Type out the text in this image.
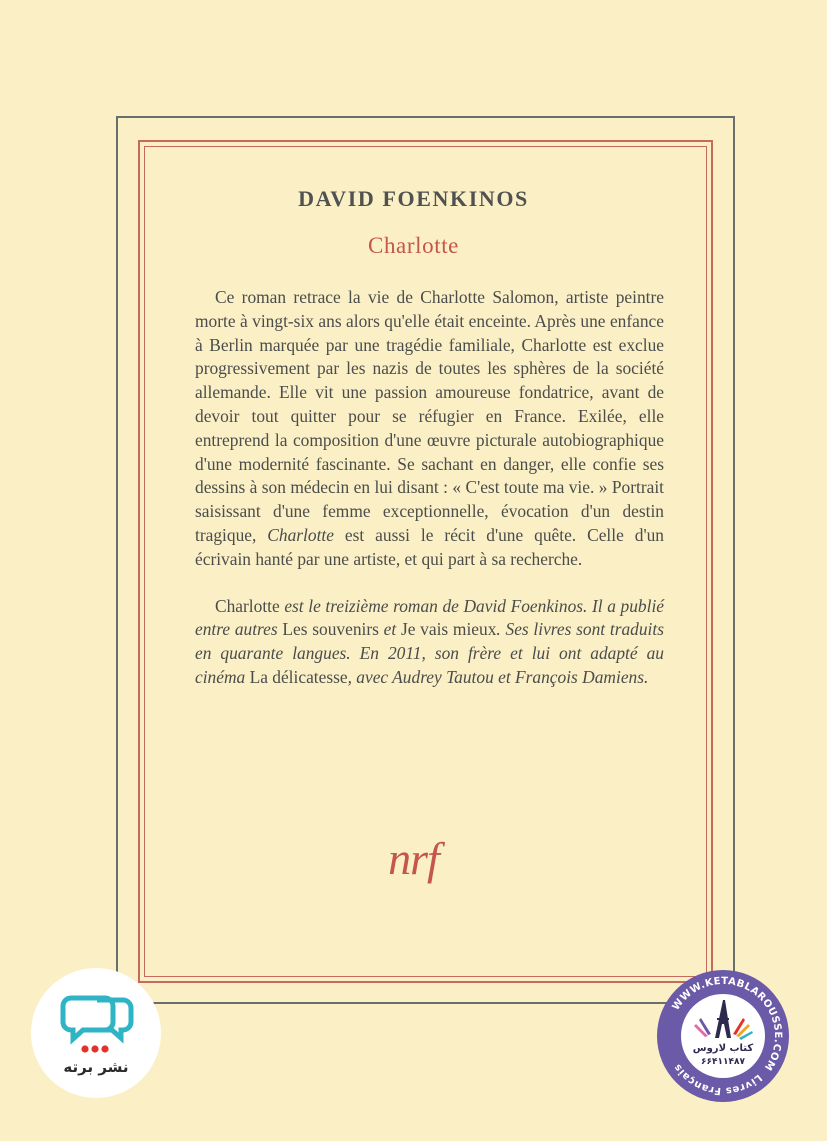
DAVID FOENKINOS
Charlotte

Ce roman retrace la vie de Charlotte Salomon, artiste peintre morte à vingt-six ans alors qu'elle était enceinte. Après une enfance à Berlin marquée par une tragédie familiale, Charlotte est exclue progressivement par les nazis de toutes les sphères de la société allemande. Elle vit une passion amoureuse fondatrice, avant de devoir tout quitter pour se réfugier en France. Exilée, elle entreprend la composition d'une œuvre picturale autobiographique d'une modernité fascinante. Se sachant en danger, elle confie ses dessins à son médecin en lui disant : « C'est toute ma vie. » Portrait saisissant d'une femme exceptionnelle, évocation d'un destin tragique, Charlotte est aussi le récit d'une quête. Celle d'un écrivain hanté par une artiste, et qui part à sa recherche.

Charlotte est le treizième roman de David Foenkinos. Il a publié entre autres Les souvenirs et Je vais mieux. Ses livres sont traduits en quarante langues. En 2011, son frère et lui ont adapté au cinéma La délicatesse, avec Audrey Tautou et François Damiens.

nrf
نشر برته
WWW.KETABLAROUSSE.COM
Livres Français
کتاب لاروس
۶۶۴۱۱۴۸۷
